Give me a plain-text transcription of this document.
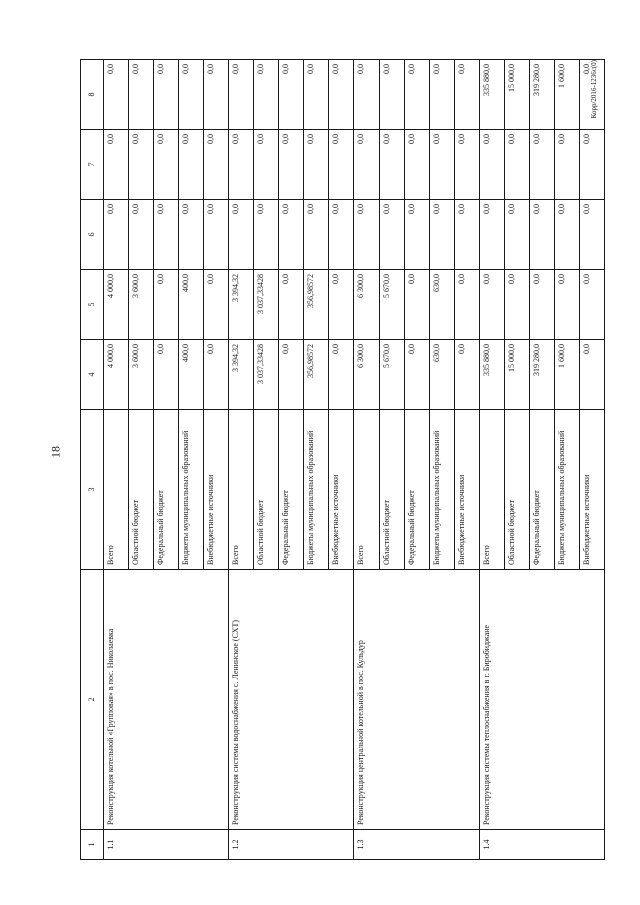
18
Корр/2016-1236с(0)
1	2	3	4	5	6	7	8
1.1	Реконструкция котельной «Групповая» в пос. Николаевка	Всего	4 000,0	4 000,0	0,0	0,0	0,0
		Областной бюджет	3 600,0	3 600,0	0,0	0,0	0,0
		Федеральный бюджет	0,0	0,0	0,0	0,0	0,0
		Бюджеты муниципальных образований	400,0	400,0	0,0	0,0	0,0
		Внебюджетные источники	0,0	0,0	0,0	0,0	0,0
1.2	Реконструкция системы водоснабжения с. Ленинское (СХТ)	Всего	3 394,32	3 394,32	0,0	0,0	0,0
		Областной бюджет	3 037,33428	3 037,33428	0,0	0,0	0,0
		Федеральный бюджет	0,0	0,0	0,0	0,0	0,0
		Бюджеты муниципальных образований	356,98572	356,98572	0,0	0,0	0,0
		Внебюджетные источники	0,0	0,0	0,0	0,0	0,0
1.3	Реконструкция центральной котельной в пос. Кульдур	Всего	6 300,0	6 300,0	0,0	0,0	0,0
		Областной бюджет	5 670,0	5 670,0	0,0	0,0	0,0
		Федеральный бюджет	0,0	0,0	0,0	0,0	0,0
		Бюджеты муниципальных образований	630,0	630,0	0,0	0,0	0,0
		Внебюджетные источники	0,0	0,0	0,0	0,0	0,0
1.4	Реконструкция системы теплоснабжения в г. Биробиджане	Всего	335 880,0	0,0	0,0	0,0	335 880,0
		Областной бюджет	15 000,0	0,0	0,0	0,0	15 000,0
		Федеральный бюджет	319 280,0	0,0	0,0	0,0	319 280,0
		Бюджеты муниципальных образований	1 600,0	0,0	0,0	0,0	1 600,0
		Внебюджетные источники	0,0	0,0	0,0	0,0	0,0
